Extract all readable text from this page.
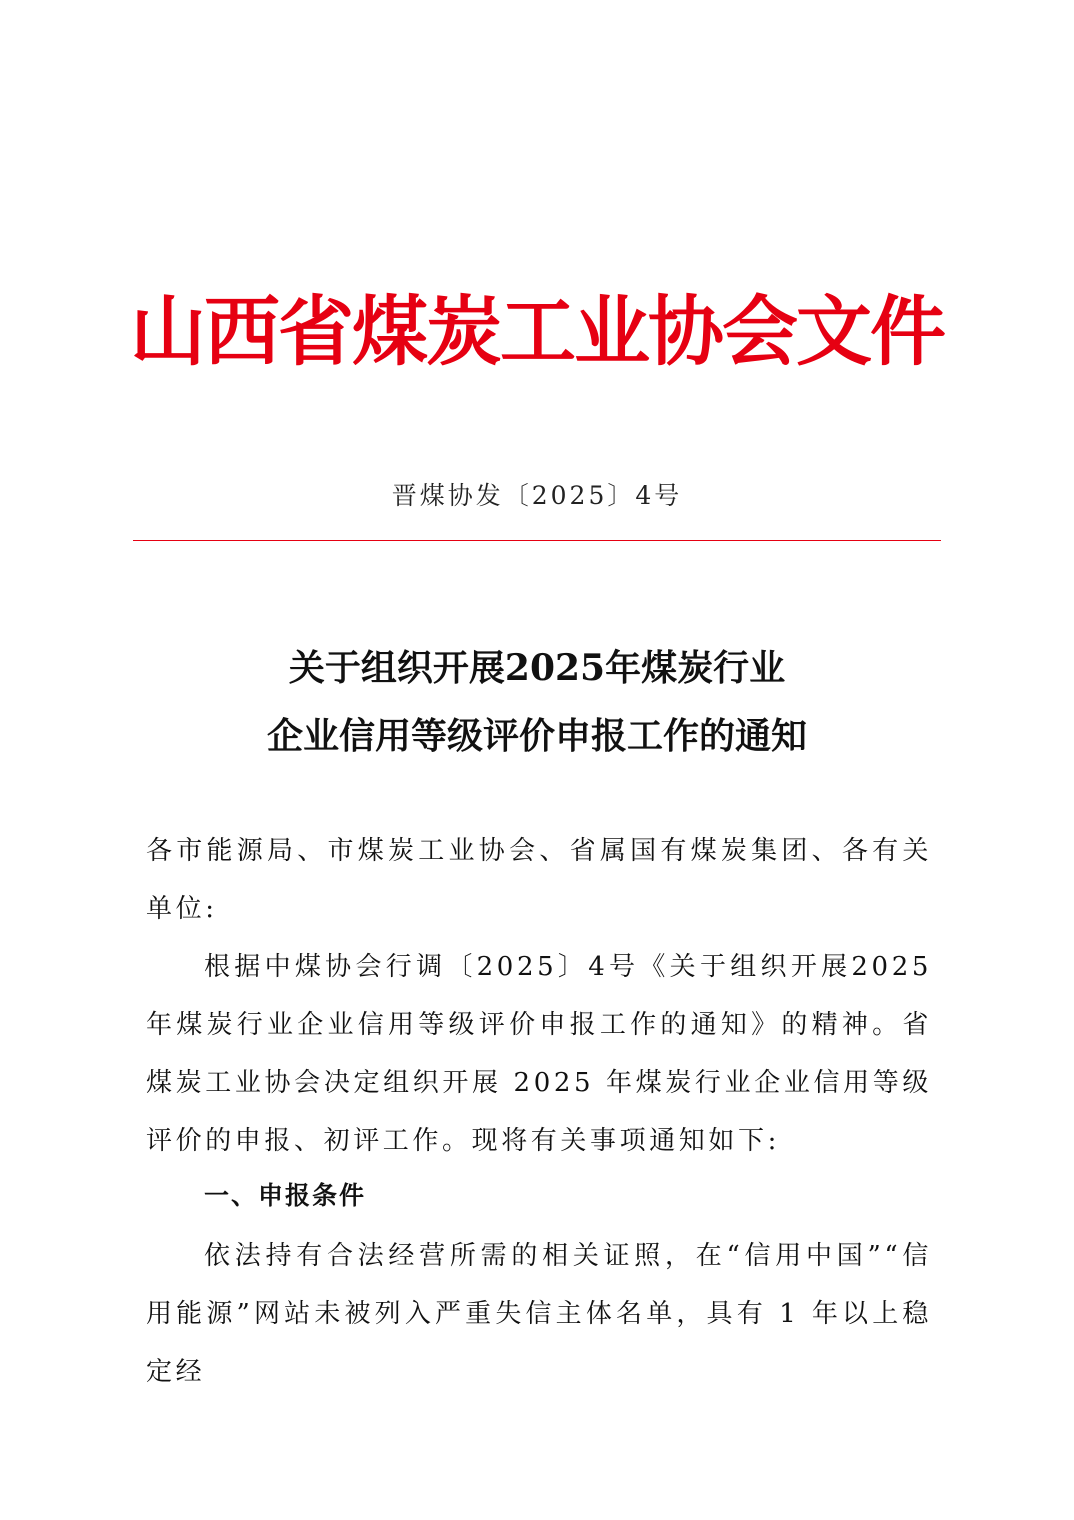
山西省煤炭工业协会文件
晋煤协发〔2025〕4号
关于组织开展2025年煤炭行业
企业信用等级评价申报工作的通知
各市能源局、市煤炭工业协会、省属国有煤炭集团、各有关单位:
根据中煤协会行调〔2025〕4号《关于组织开展2025年煤炭行业企业信用等级评价申报工作的通知》的精神。省煤炭工业协会决定组织开展 2025 年煤炭行业企业信用等级评价的申报、初评工作。现将有关事项通知如下:
一、申报条件
依法持有合法经营所需的相关证照，在“信用中国”“信用能源”网站未被列入严重失信主体名单，具有 1 年以上稳定经
